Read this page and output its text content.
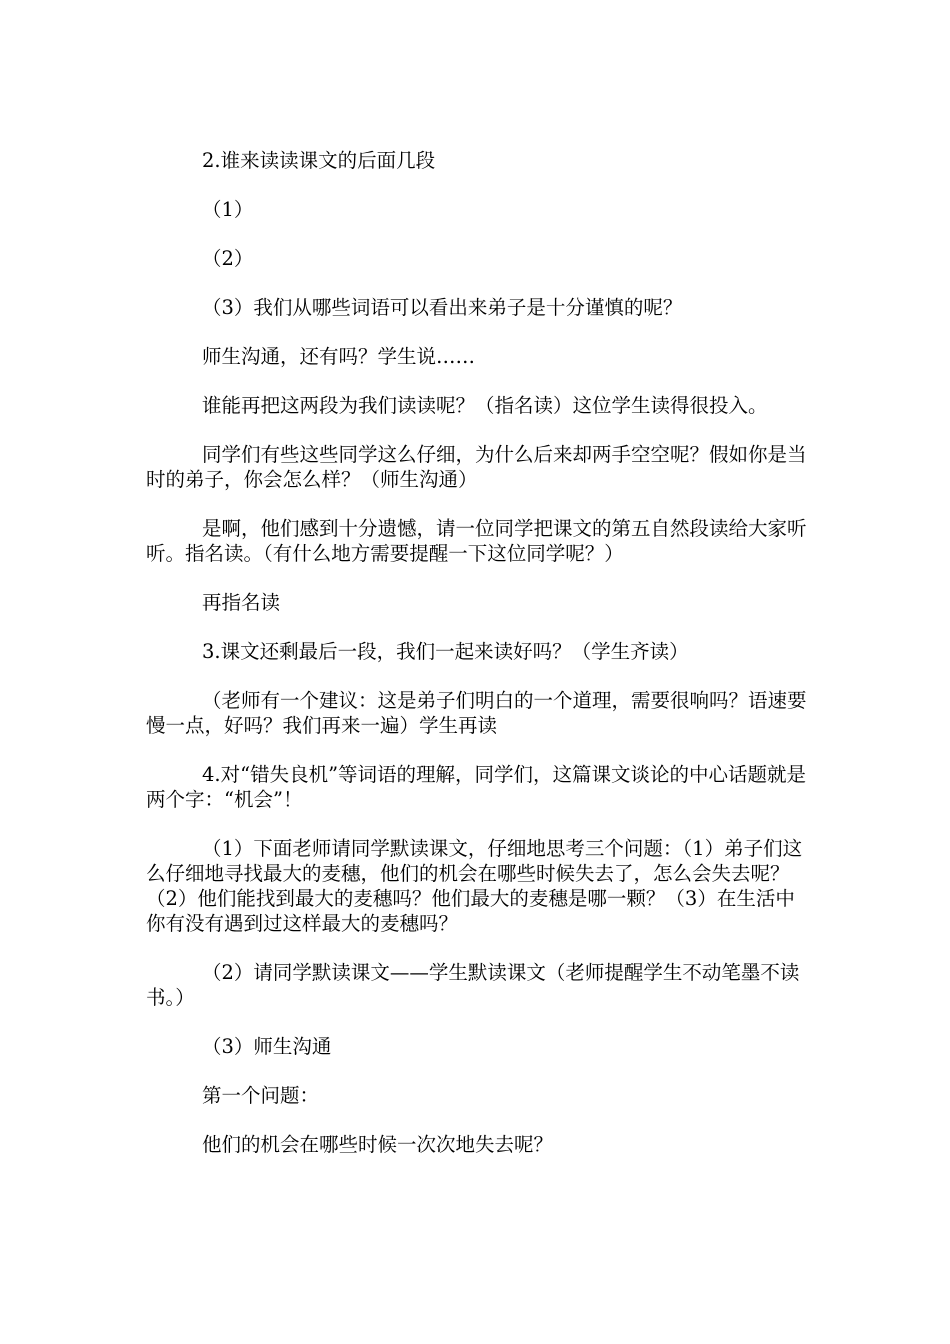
2.谁来读读课文的后面几段

（1）

（2）

（3）我们从哪些词语可以看出来弟子是十分谨慎的呢？

师生沟通，还有吗？学生说……

谁能再把这两段为我们读读呢？（指名读）这位学生读得很投入。

同学们有些这些同学这么仔细，为什么后来却两手空空呢？假如你是当时的弟子，你会怎么样？（师生沟通）

是啊，他们感到十分遗憾，请一位同学把课文的第五自然段读给大家听听。指名读。（有什么地方需要提醒一下这位同学呢？）

再指名读

3.课文还剩最后一段，我们一起来读好吗？（学生齐读）

（老师有一个建议：这是弟子们明白的一个道理，需要很响吗？语速要慢一点，好吗？我们再来一遍）学生再读

4.对“错失良机”等词语的理解，同学们，这篇课文谈论的中心话题就是两个字：“机会”！

（1）下面老师请同学默读课文，仔细地思考三个问题：（1）弟子们这么仔细地寻找最大的麦穗，他们的机会在哪些时候失去了，怎么会失去呢？（2）他们能找到最大的麦穗吗？他们最大的麦穗是哪一颗？（3）在生活中你有没有遇到过这样最大的麦穗吗？

（2）请同学默读课文——学生默读课文（老师提醒学生不动笔墨不读书。）

（3）师生沟通

第一个问题：

他们的机会在哪些时候一次次地失去呢？
